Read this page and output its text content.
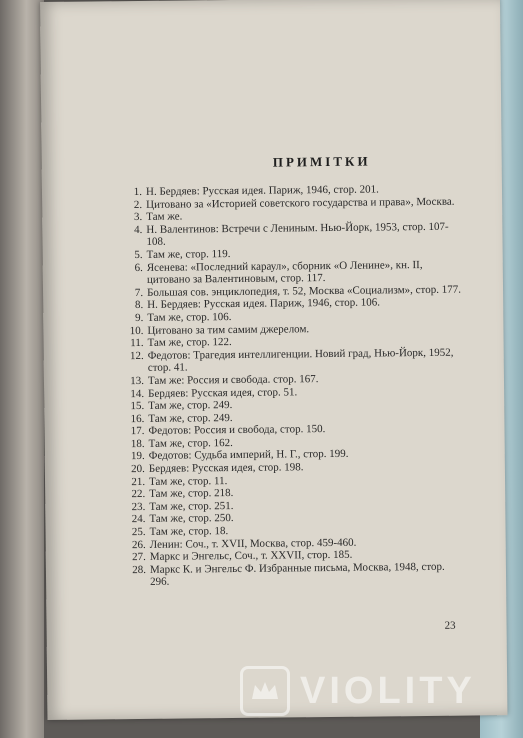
ПРИМІТКИ
1. Н. Бердяев: Русская идея. Париж, 1946, стор. 201.
2. Цитовано за «Историей советского государства и права», Москва.
3. Там же.
4. Н. Валентинов: Встречи с Лениным. Нью-Йорк, 1953, стор. 107-108.
5. Там же, стор. 119.
6. Ясенева: «Последний караул», сборник «О Ленине», кн. II, цитовано за Валентиновым, стор. 117.
7. Большая сов. энциклопедия, т. 52, Москва «Социализм», стор. 177.
8. Н. Бердяев: Русская идея. Париж, 1946, стор. 106.
9. Там же, стор. 106.
10. Цитовано за тим самим джерелом.
11. Там же, стор. 122.
12. Федотов: Трагедия интеллигенции. Новий град, Нью-Йорк, 1952, стор. 41.
13. Там же: Россия и свобода. стор. 167.
14. Бердяев: Русская идея, стор. 51.
15. Там же, стор. 249.
16. Там же, стор. 249.
17. Федотов: Россия и свобода, стор. 150.
18. Там же, стор. 162.
19. Федотов: Судьба империй, Н. Г., стор. 199.
20. Бердяев: Русская идея, стор. 198.
21. Там же, стор. 11.
22. Там же, стор. 218.
23. Там же, стор. 251.
24. Там же, стор. 250.
25. Там же, стор. 18.
26. Ленин: Соч., т. XVII, Москва, стор. 459-460.
27. Маркс и Энгельс, Соч., т. XXVII, стор. 185.
28. Маркс К. и Энгельс Ф. Избранные письма, Москва, 1948, стор. 296.
23
VIOLITY
